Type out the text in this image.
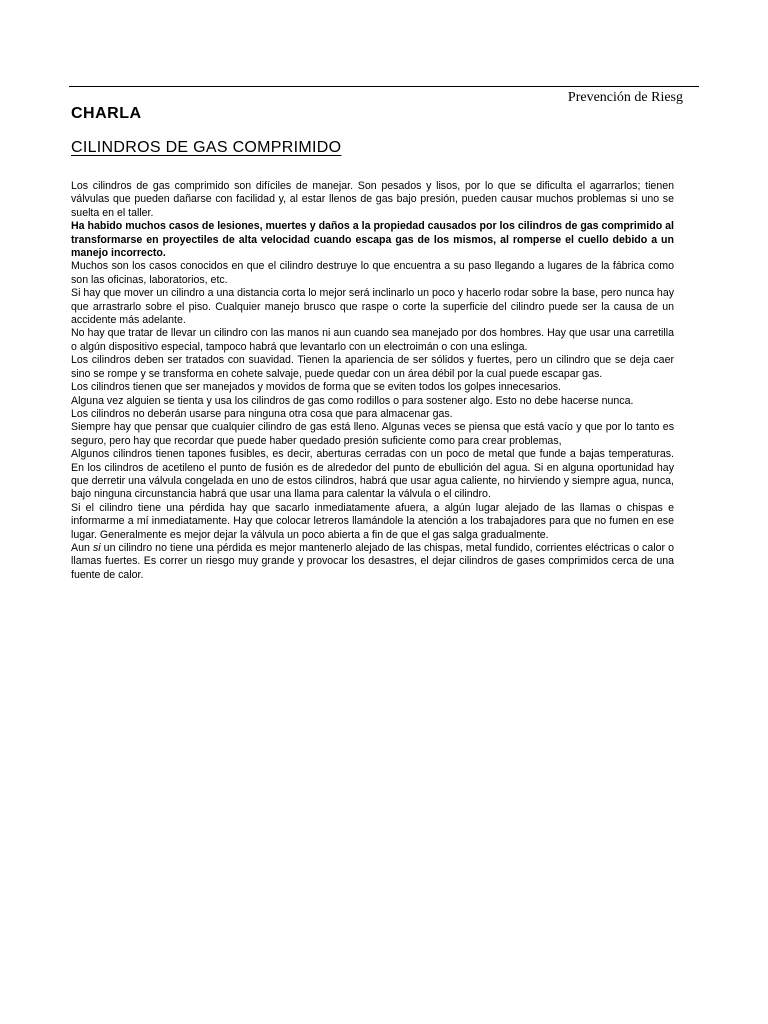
Prevención de Riesg
CHARLA
CILINDROS DE GAS COMPRIMIDO

Los cilindros de gas comprimido son difíciles de manejar. Son pesados y lisos, por lo que se dificulta el agarrarlos; tienen válvulas que pueden dañarse con facilidad y, al estar llenos de gas bajo presión, pueden causar muchos problemas si uno se suelta en el taller.

Ha habido muchos casos de lesiones, muertes y daños a la propiedad causados por los cilindros de gas comprimido al transformarse en proyectiles de alta velocidad cuando escapa gas de los mismos, al romperse el cuello debido a un manejo incorrecto.

Muchos son los casos conocidos en que el cilindro destruye lo que encuentra a su paso llegando a lugares de la fábrica como son las oficinas, laboratorios, etc.

Si hay que mover un cilindro a una distancia corta lo mejor será inclinarlo un poco y hacerlo rodar sobre la base, pero nunca hay que arrastrarlo sobre el piso. Cualquier manejo brusco que raspe o corte la superficie del cilindro puede ser la causa de un accidente más adelante.

No hay que tratar de llevar un cilindro con las manos ni aun cuando sea manejado por dos hombres. Hay que usar una carretilla o algún dispositivo especial, tampoco habrá que levantarlo con un electroimán o con una eslinga.

Los cilindros deben ser tratados con suavidad. Tienen la apariencia de ser sólidos y fuertes, pero un cilindro que se deja caer sino se rompe y se transforma en cohete salvaje, puede quedar con un área débil por la cual puede escapar gas.

Los cilindros tienen que ser manejados y movidos de forma que se eviten todos los golpes innecesarios.

Alguna vez alguien se tienta y usa los cilindros de gas como rodillos o para sostener algo. Esto no debe hacerse nunca.

Los cilindros no deberán usarse para ninguna otra cosa que para almacenar gas.

Siempre hay que pensar que cualquier cilindro de gas está lleno. Algunas veces se piensa que está vacío y que por lo tanto es seguro, pero hay que recordar que puede haber quedado presión suficiente como para crear problemas,

Algunos cilindros tienen tapones fusibles, es decir, aberturas cerradas con un poco de metal que funde a bajas temperaturas. En los cilindros de acetileno el punto de fusión es de alrededor del punto de ebullición del agua. Si en alguna oportunidad hay que derretir una válvula congelada en uno de estos cilindros, habrá que usar agua caliente, no hirviendo y siempre agua, nunca, bajo ninguna circunstancia habrá que usar una llama para calentar la válvula o el cilindro.

Si el cilindro tiene una pérdida hay que sacarlo inmediatamente afuera, a algún lugar alejado de las llamas o chispas e informarme a mí inmediatamente. Hay que colocar letreros llamándole la atención a los trabajadores para que no fumen en ese lugar. Generalmente es mejor dejar la válvula un poco abierta a fin de que el gas salga gradualmente.

Aun si un cilindro no tiene una pérdida es mejor mantenerlo alejado de las chispas, metal fundido, corrientes eléctricas o calor o llamas fuertes. Es correr un riesgo muy grande y provocar los desastres, el dejar cilindros de gases comprimidos cerca de una fuente de calor.
